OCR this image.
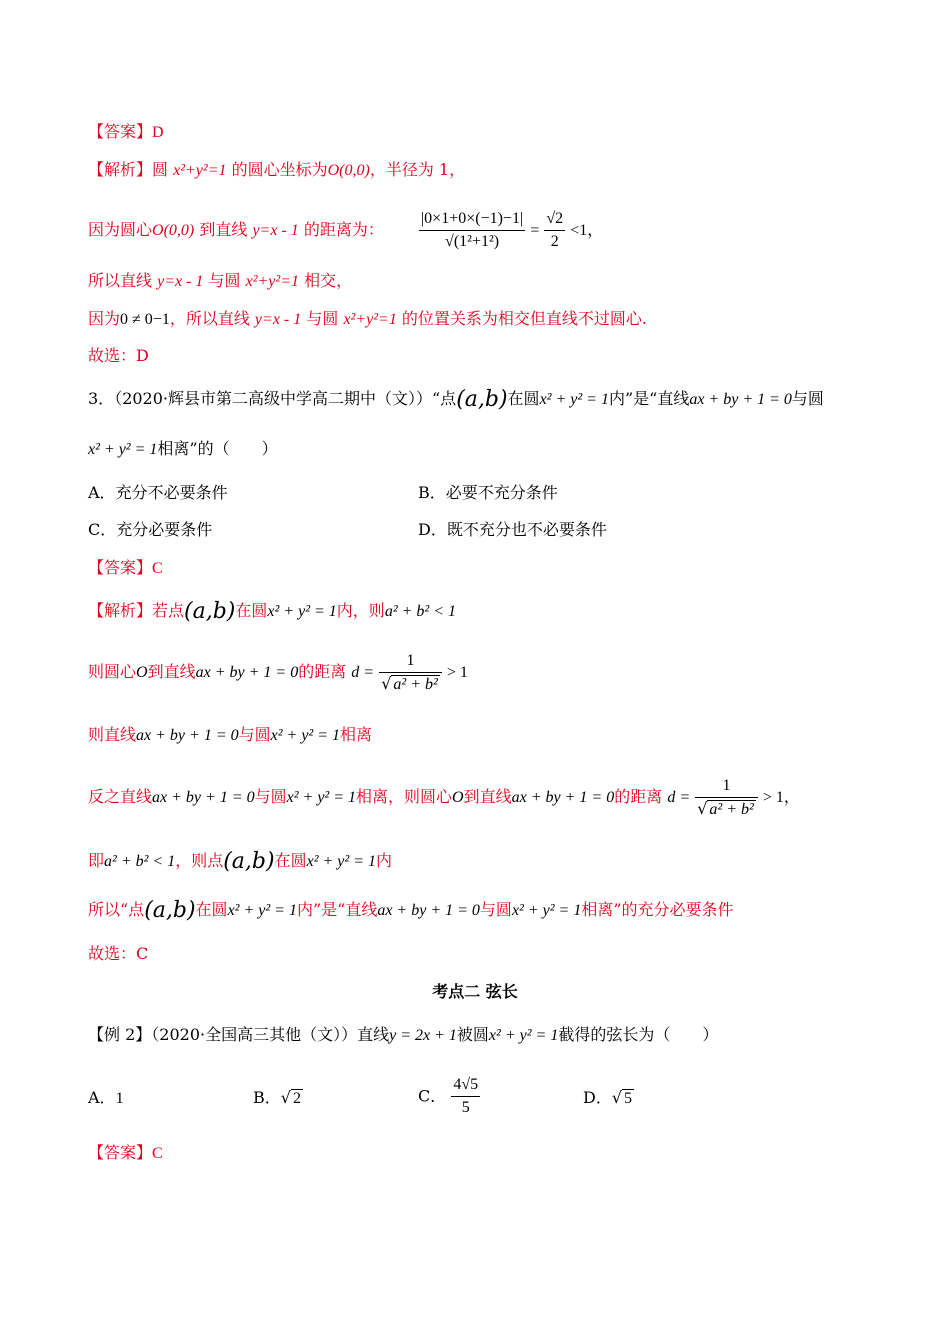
【答案】D
【解析】圆 x²+y²=1 的圆心坐标为O(0,0)，半径为 1，
因为圆心O(0,0) 到直线 y=x - 1 的距离为： $\frac{|0\times 1+0\times(-1)-1|}{\text{√(1²+1²)}} = \frac{√2}{2} <1$，
所以直线 y=x - 1 与圆 x²+y²=1 相交，
因为0 ≠ 0−1，所以直线 y=x - 1 与圆 x²+y²=1 的位置关系为相交但直线不过圆心.
故选：D
3．（2020·辉县市第二高级中学高二期中（文））“点(a,b)在圆x² + y² = 1内”是“直线ax + by + 1 = 0与圆
x² + y² = 1相离”的（　　）
A．充分不必要条件	B．必要不充分条件
C．充分必要条件	D．既不充分也不必要条件
【答案】C
【解析】若点(a,b)在圆x² + y² = 1内，则a² + b² < 1
则圆心O到直线ax + by + 1 = 0的距离 $d = \frac{1}{\text{√ a² + b²}} > 1$
则直线ax + by + 1 = 0与圆x² + y² = 1相离
反之直线ax + by + 1 = 0与圆x² + y² = 1相离，则圆心O到直线ax + by + 1 = 0的距离 $d = \frac{1}{\text{√ a² + b²}} > 1$，
即a² + b² < 1，则点(a,b)在圆x² + y² = 1内
所以“点(a,b)在圆x² + y² = 1内”是“直线ax + by + 1 = 0与圆x² + y² = 1相离”的充分必要条件
故选：C
考点二 弦长
【例 2】（2020·全国高三其他（文））直线y = 2x + 1被圆x² + y² = 1截得的弦长为（　　）
A．1	B．√ 2	C． $\frac{4√5}{5}$	D．√ 5
【答案】C
